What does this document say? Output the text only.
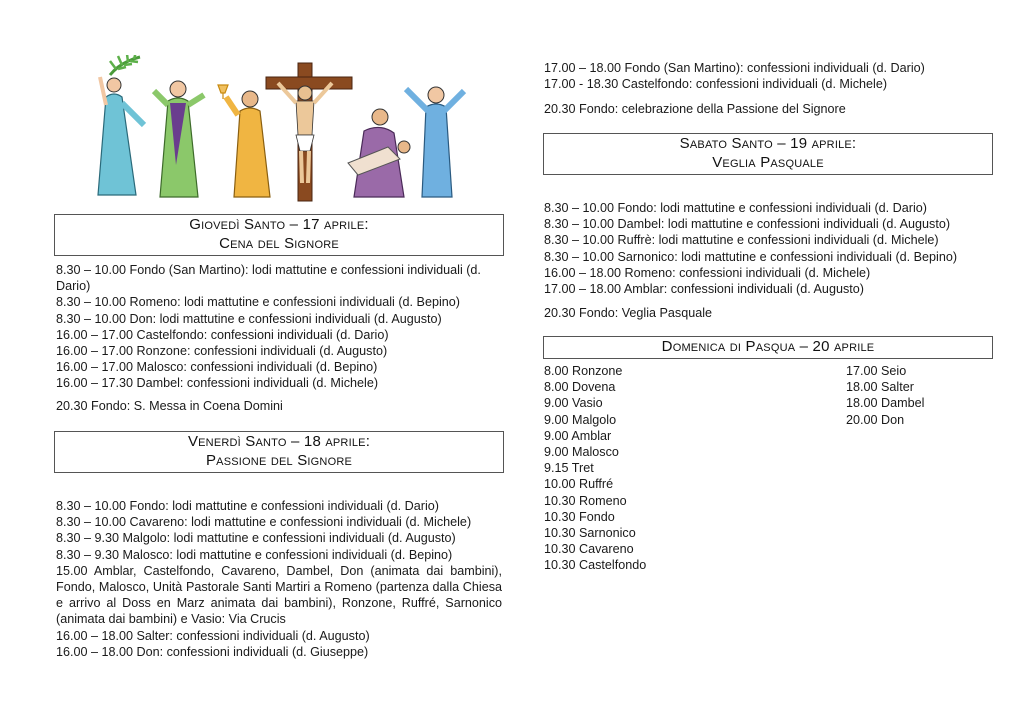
Giovedì Santo – 17 aprile:
Cena del Signore
8.30 – 10.00 Fondo (San Martino): lodi mattutine e confessioni individuali (d. Dario)
8.30 – 10.00 Romeno: lodi mattutine e confessioni individuali (d. Bepino)
8.30 – 10.00 Don: lodi mattutine e confessioni individuali (d. Augusto)
16.00 – 17.00 Castelfondo: confessioni individuali (d. Dario)
16.00 – 17.00 Ronzone: confessioni individuali (d. Augusto)
16.00 – 17.00 Malosco: confessioni individuali (d. Bepino)
16.00 – 17.30 Dambel: confessioni individuali (d. Michele)
20.30 Fondo: S. Messa in Coena Domini
Venerdì Santo – 18 aprile:
Passione del Signore
8.30 – 10.00 Fondo: lodi mattutine e confessioni individuali (d. Dario)
8.30 – 10.00 Cavareno: lodi mattutine e confessioni individuali (d. Michele)
8.30 – 9.30 Malgolo: lodi mattutine e confessioni individuali (d. Augusto)
8.30 – 9.30 Malosco: lodi mattutine e confessioni individuali (d. Bepino)
15.00 Amblar, Castelfondo, Cavareno, Dambel, Don (animata dai bambini), Fondo, Malosco, Unità Pastorale Santi Martiri a Romeno (partenza dalla Chiesa e arrivo al Doss en Marz animata dai bambini), Ronzone, Ruffré, Sarnonico (animata dai bambini) e Vasio: Via Crucis
16.00 – 18.00 Salter: confessioni individuali (d. Augusto)
16.00 – 18.00 Don: confessioni individuali (d. Giuseppe)
17.00 – 18.00 Fondo (San Martino): confessioni individuali (d. Dario)
17.00 - 18.30 Castelfondo: confessioni individuali (d. Michele)
20.30 Fondo: celebrazione della Passione del Signore
Sabato Santo – 19 aprile:
Veglia Pasquale
8.30 – 10.00 Fondo: lodi mattutine e confessioni individuali (d. Dario)
8.30 – 10.00 Dambel: lodi mattutine e confessioni individuali (d. Augusto)
8.30 – 10.00 Ruffrè: lodi mattutine e confessioni individuali (d. Michele)
8.30 – 10.00 Sarnonico: lodi mattutine e confessioni individuali (d. Bepino)
16.00 – 18.00 Romeno: confessioni individuali (d. Michele)
17.00 – 18.00 Amblar: confessioni individuali (d. Augusto)
20.30 Fondo: Veglia Pasquale
Domenica di Pasqua – 20 aprile
8.00 Ronzone
8.00 Dovena
9.00 Vasio
9.00 Malgolo
9.00 Amblar
9.00 Malosco
9.15 Tret
10.00 Ruffré
10.30 Romeno
10.30 Fondo
10.30 Sarnonico
10.30 Cavareno
10.30 Castelfondo
17.00 Seio
18.00 Salter
18.00 Dambel
20.00 Don
